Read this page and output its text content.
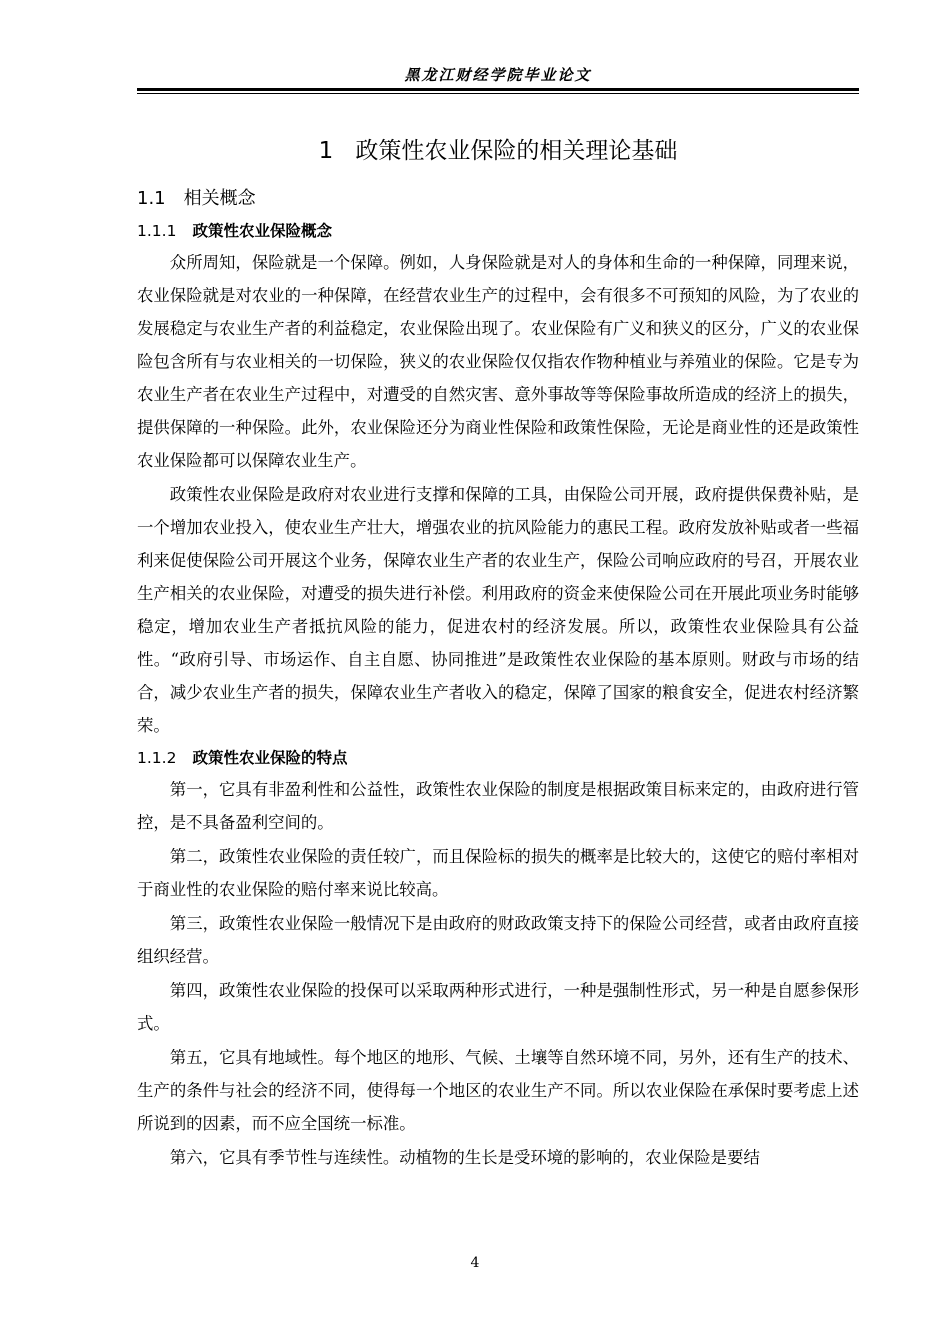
黑龙江财经学院毕业论文
1 政策性农业保险的相关理论基础
1.1 相关概念
1.1.1 政策性农业保险概念

众所周知，保险就是一个保障。例如，人身保险就是对人的身体和生命的一种保障，同理来说，农业保险就是对农业的一种保障，在经营农业生产的过程中，会有很多不可预知的风险，为了农业的发展稳定与农业生产者的利益稳定，农业保险出现了。农业保险有广义和狭义的区分，广义的农业保险包含所有与农业相关的一切保险，狭义的农业保险仅仅指农作物种植业与养殖业的保险。它是专为农业生产者在农业生产过程中，对遭受的自然灾害、意外事故等等保险事故所造成的经济上的损失，提供保障的一种保险。此外，农业保险还分为商业性保险和政策性保险，无论是商业性的还是政策性农业保险都可以保障农业生产。

政策性农业保险是政府对农业进行支撑和保障的工具，由保险公司开展，政府提供保费补贴，是一个增加农业投入，使农业生产壮大，增强农业的抗风险能力的惠民工程。政府发放补贴或者一些福利来促使保险公司开展这个业务，保障农业生产者的农业生产，保险公司响应政府的号召，开展农业生产相关的农业保险，对遭受的损失进行补偿。利用政府的资金来使保险公司在开展此项业务时能够稳定，增加农业生产者抵抗风险的能力，促进农村的经济发展。所以，政策性农业保险具有公益性。“政府引导、市场运作、自主自愿、协同推进”是政策性农业保险的基本原则。财政与市场的结合，减少农业生产者的损失，保障农业生产者收入的稳定，保障了国家的粮食安全，促进农村经济繁荣。

1.1.2 政策性农业保险的特点

第一，它具有非盈利性和公益性，政策性农业保险的制度是根据政策目标来定的，由政府进行管控，是不具备盈利空间的。

第二，政策性农业保险的责任较广，而且保险标的损失的概率是比较大的，这使它的赔付率相对于商业性的农业保险的赔付率来说比较高。

第三，政策性农业保险一般情况下是由政府的财政政策支持下的保险公司经营，或者由政府直接组织经营。

第四，政策性农业保险的投保可以采取两种形式进行，一种是强制性形式，另一种是自愿参保形式。

第五，它具有地域性。每个地区的地形、气候、土壤等自然环境不同，另外，还有生产的技术、生产的条件与社会的经济不同，使得每一个地区的农业生产不同。所以农业保险在承保时要考虑上述所说到的因素，而不应全国统一标准。

第六，它具有季节性与连续性。动植物的生长是受环境的影响的，农业保险是要结

4
